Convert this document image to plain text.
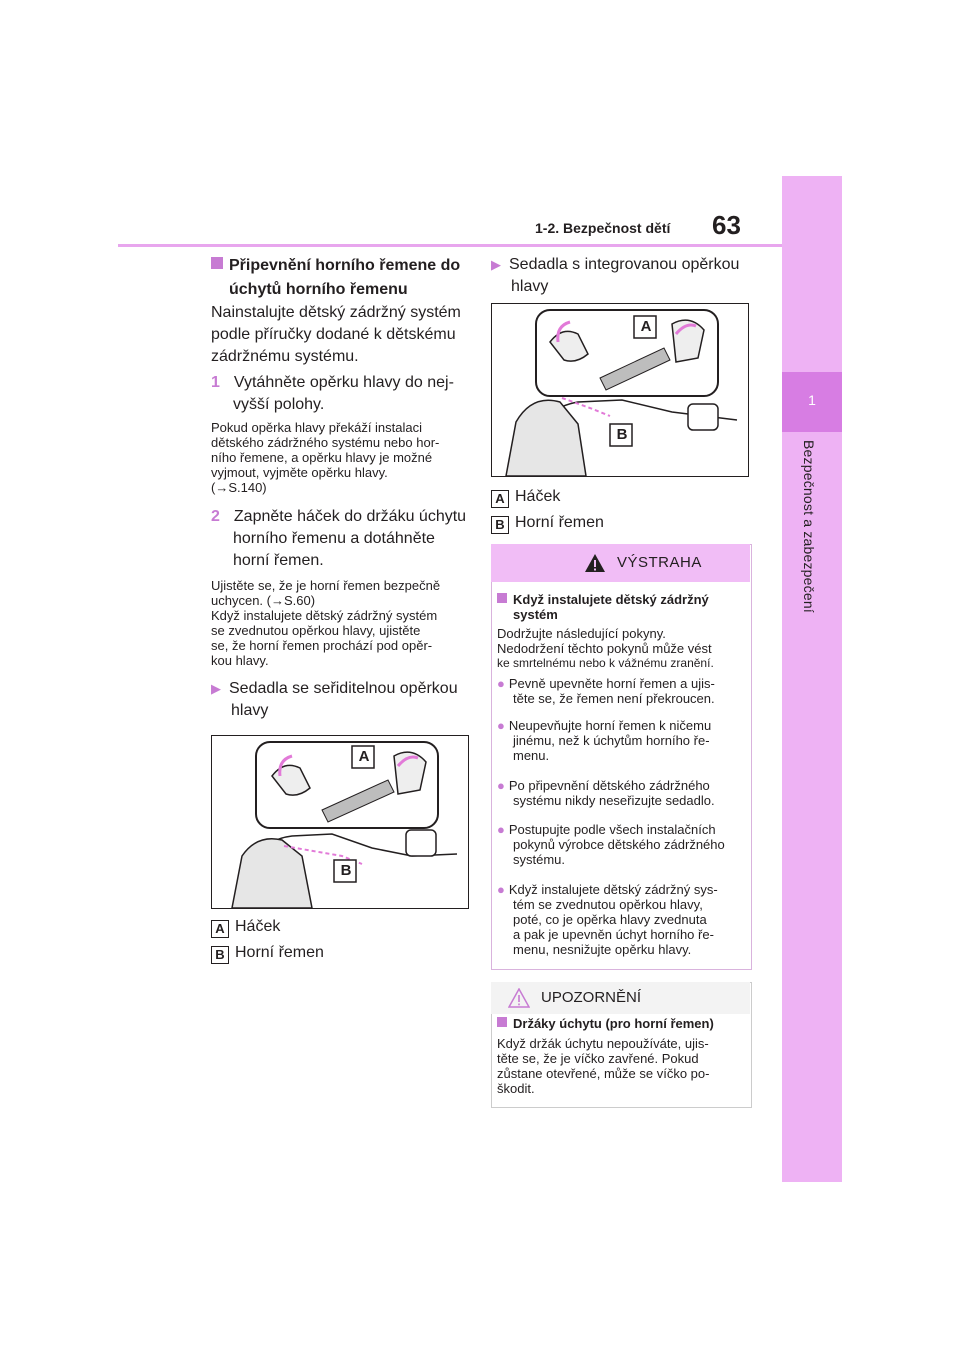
1-2. Bezpečnost dětí 63
1
Bezpečnost a zabezpečení
Připevnění horního řemene do
úchytů horního řemenu
Nainstalujte dětský zádržný systém
podle příručky dodané k dětskému
zádržnému systému.
1 Vytáhněte opěrku hlavy do nej-
vyšší polohy.
Pokud opěrka hlavy překáží instalaci
dětského zádržného systému nebo hor-
ního řemene, a opěrku hlavy je možné
vyjmout, vyjměte opěrku hlavy.
(→S.140)
2 Zapněte háček do držáku úchytu
horního řemenu a dotáhněte
horní řemen.
Ujistěte se, že je horní řemen bezpečně
uchycen. (→S.60)
Když instalujete dětský zádržný systém
se zvednutou opěrkou hlavy, ujistěte
se, že horní řemen prochází pod opěr-
kou hlavy.
▶ Sedadla se seřiditelnou opěrkou
hlavy
A
B
A Háček
B Horní řemen
▶ Sedadla s integrovanou opěrkou
hlavy
A
B
A Háček
B Horní řemen
VÝSTRAHA
Když instalujete dětský zádržný
systém
Dodržujte následující pokyny.
Nedodržení těchto pokynů může vést
ke smrtelnému nebo k vážnému zranění.
● Pevně upevněte horní řemen a ujis-
těte se, že řemen není překroucen.
● Neupevňujte horní řemen k ničemu
jinému, než k úchytům horního ře-
menu.
● Po připevnění dětského zádržného
systému nikdy neseřizujte sedadlo.
● Postupujte podle všech instalačních
pokynů výrobce dětského zádržného
systému.
● Když instalujete dětský zádržný sys-
tém se zvednutou opěrkou hlavy,
poté, co je opěrka hlavy zvednuta
a pak je upevněn úchyt horního ře-
menu, nesnižujte opěrku hlavy.
UPOZORNĚNÍ
Držáky úchytu (pro horní řemen)
Když držák úchytu nepoužíváte, ujis-
těte se, že je víčko zavřené. Pokud
zůstane otevřené, může se víčko po-
škodit.
